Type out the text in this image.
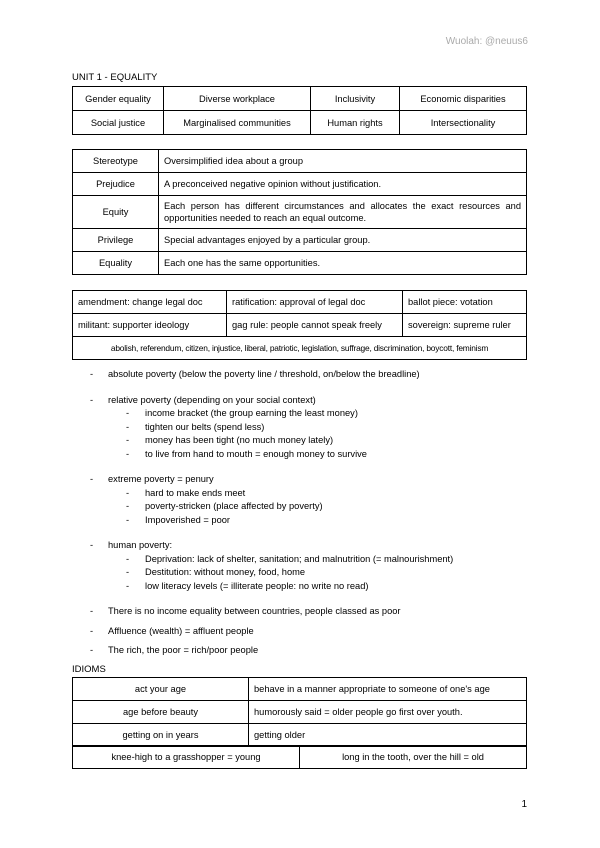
Wuolah: @neuus6
UNIT 1 - EQUALITY
Gender equality	Diverse workplace	Inclusivity	Economic disparities
Social justice	Marginalised communities	Human rights	Intersectionality
Stereotype	Oversimplified idea about a group
Prejudice	A preconceived negative opinion without justification.
Equity	Each person has different circumstances and allocates the exact resources and opportunities needed to reach an equal outcome.
Privilege	Special advantages enjoyed by a particular group.
Equality	Each one has the same opportunities.
amendment: change legal doc	ratification: approval of legal doc	ballot piece: votation
militant: supporter ideology	gag rule: people cannot speak freely	sovereign: supreme ruler
abolish, referendum, citizen, injustice, liberal, patriotic, legislation, suffrage, discrimination, boycott, feminism		
- absolute poverty (below the poverty line / threshold, on/below the breadline)
- relative poverty (depending on your social context)
- income bracket (the group earning the least money)
- tighten our belts (spend less)
- money has been tight (no much money lately)
- to live from hand to mouth = enough money to survive
- extreme poverty = penury
- hard to make ends meet
- poverty-stricken (place affected by poverty)
- Impoverished = poor
- human poverty:
- Deprivation: lack of shelter, sanitation; and malnutrition (= malnourishment)
- Destitution: without money, food, home
- low literacy levels (= illiterate people: no write no read)
- There is no income equality between countries, people classed as poor
- Affluence (wealth) = affluent people
- The rich, the poor = rich/poor people
IDIOMS
act your age	behave in a manner appropriate to someone of one's age
age before beauty	humorously said = older people go first over youth.
getting on in years	getting older
knee-high to a grasshopper = young	long in the tooth, over the hill = old
1
